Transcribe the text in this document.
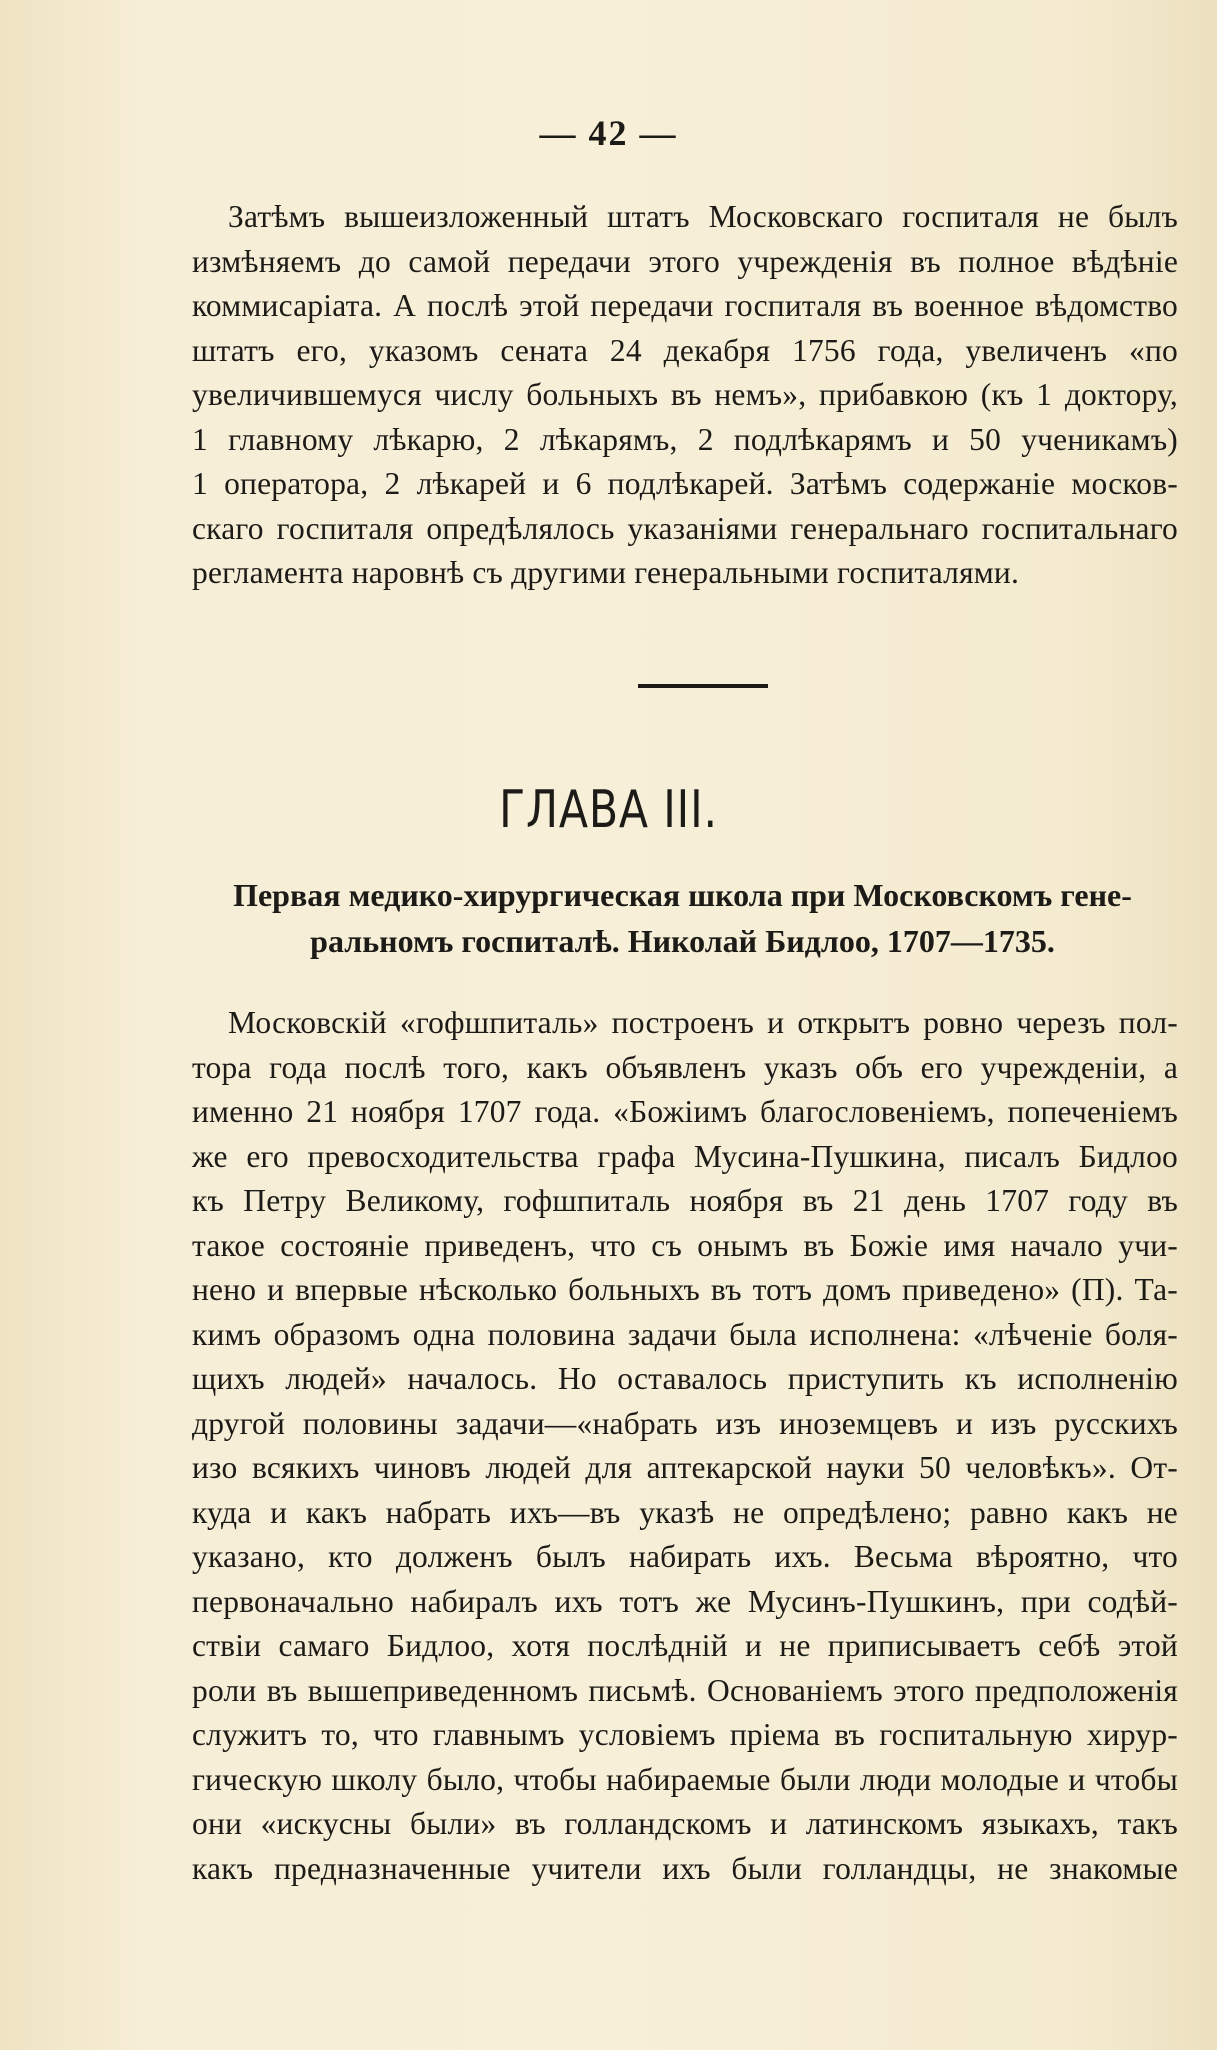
— 42 —
Затѣмъ вышеизложенный штатъ Московскаго госпиталя не былъ
измѣняемъ до самой передачи этого учрежденія въ полное вѣдѣніе
коммисаріата. А послѣ этой передачи госпиталя въ военное вѣдомство
штатъ его, указомъ сената 24 декабря 1756 года, увеличенъ «по
увеличившемуся числу больныхъ въ немъ», прибавкою (къ 1 доктору,
1 главному лѣкарю, 2 лѣкарямъ, 2 подлѣкарямъ и 50 ученикамъ)
1 оператора, 2 лѣкарей и 6 подлѣкарей. Затѣмъ содержаніе москов-
скаго госпиталя опредѣлялось указаніями генеральнаго госпитальнаго
регламента наровнѣ съ другими генеральными госпиталями.
ГЛАВА III.
Первая медико-хирургическая школа при Московскомъ гене-
ральномъ госпиталѣ. Николай Бидлоо, 1707—1735.
Московскій «гофшпиталь» построенъ и открытъ ровно черезъ пол-
тора года послѣ того, какъ объявленъ указъ объ его учрежденіи, а
именно 21 ноября 1707 года. «Божіимъ благословеніемъ, попеченіемъ
же его превосходительства графа Мусина-Пушкина, писалъ Бидлоо
къ Петру Великому, гофшпиталь ноября въ 21 день 1707 году въ
такое состояніе приведенъ, что съ онымъ въ Божіе имя начало учи-
нено и впервые нѣсколько больныхъ въ тотъ домъ приведено» (П). Та-
кимъ образомъ одна половина задачи была исполнена: «лѣченіе боля-
щихъ людей» началось. Но оставалось приступить къ исполненію
другой половины задачи—«набрать изъ иноземцевъ и изъ русскихъ
изо всякихъ чиновъ людей для аптекарской науки 50 человѣкъ». От-
куда и какъ набрать ихъ—въ указѣ не опредѣлено; равно какъ не
указано, кто долженъ былъ набирать ихъ. Весьма вѣроятно, что
первоначально набиралъ ихъ тотъ же Мусинъ-Пушкинъ, при содѣй-
ствіи самаго Бидлоо, хотя послѣдній и не приписываетъ себѣ этой
роли въ вышеприведенномъ письмѣ. Основаніемъ этого предположенія
служитъ то, что главнымъ условіемъ пріема въ госпитальную хирур-
гическую школу было, чтобы набираемые были люди молодые и чтобы
они «искусны были» въ голландскомъ и латинскомъ языкахъ, такъ
какъ предназначенные учители ихъ были голландцы, не знакомые
